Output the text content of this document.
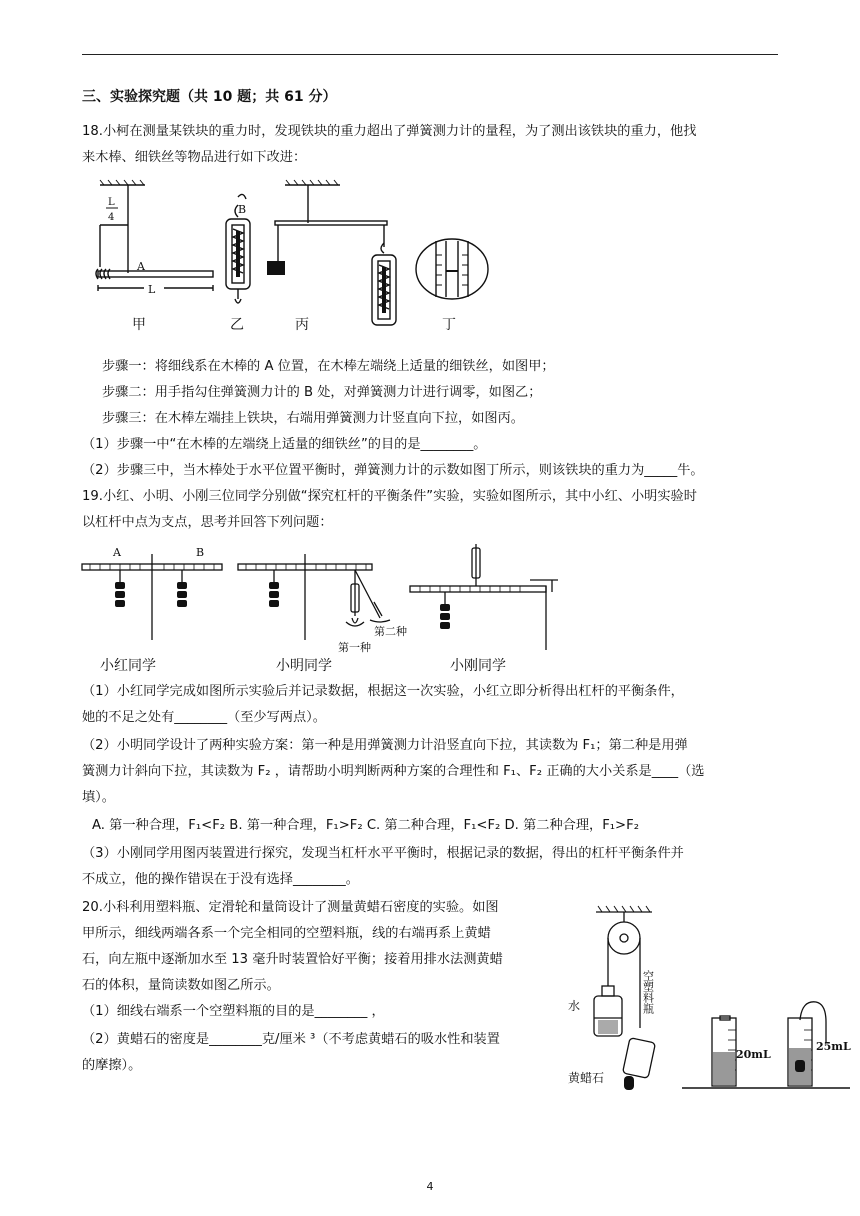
三、实验探究题（共 10 题；共 61 分）
18.小柯在测量某铁块的重力时，发现铁块的重力超出了弹簧测力计的量程，为了测出该铁块的重力，他找
来木棒、细铁丝等物品进行如下改进：
B
A
L
L
4
甲	乙	丙	丁
步骤一：将细线系在木棒的 A 位置，在木棒左端绕上适量的细铁丝，如图甲；
步骤二：用手指勾住弹簧测力计的 B 处，对弹簧测力计进行调零，如图乙；
步骤三：在木棒左端挂上铁块，右端用弹簧测力计竖直向下拉，如图丙。
（1）步骤一中“在木棒的左端绕上适量的细铁丝”的目的是________。
（2）步骤三中，当木棒处于水平位置平衡时，弹簧测力计的示数如图丁所示，则该铁块的重力为_____牛。
19.小红、小明、小刚三位同学分别做“探究杠杆的平衡条件”实验，实验如图所示，其中小红、小明实验时
以杠杆中点为支点，思考并回答下列问题：
A	B
第二种
第一种
小红同学	小明同学	小刚同学
（1）小红同学完成如图所示实验后并记录数据，根据这一次实验，小红立即分析得出杠杆的平衡条件，
她的不足之处有________（至少写两点）。
（2）小明同学设计了两种实验方案：第一种是用弹簧测力计沿竖直向下拉，其读数为 F₁；第二种是用弹
簧测力计斜向下拉，其读数为 F₂ ，请帮助小明判断两种方案的合理性和 F₁、F₂ 正确的大小关系是____（选
填）。
A. 第一种合理，F₁<F₂ B. 第一种合理，F₁>F₂ C. 第二种合理，F₁<F₂ D. 第二种合理，F₁>F₂
（3）小刚同学用图丙装置进行探究，发现当杠杆水平平衡时，根据记录的数据，得出的杠杆平衡条件并
不成立，他的操作错误在于没有选择________。
20.小科利用塑料瓶、定滑轮和量筒设计了测量黄蜡石密度的实验。如图
甲所示，细线两端各系一个完全相同的空塑料瓶，线的右端再系上黄蜡
石，向左瓶中逐渐加水至 13 毫升时装置恰好平衡；接着用排水法测黄蜡
石的体积，量筒读数如图乙所示。
（1）细线右端系一个空塑料瓶的目的是________ ，
（2）黄蜡石的密度是________克/厘米 ³（不考虑黄蜡石的吸水性和装置
的摩擦）。
水
黄蜡石
20mL
25mL
空塑料瓶
4
